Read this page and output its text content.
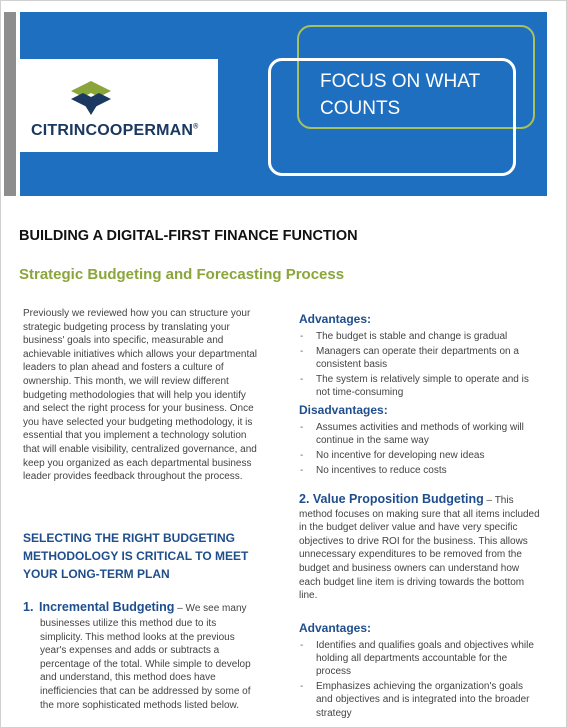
CITRINCOOPERMAN®
FOCUS ON WHAT COUNTS
BUILDING A DIGITAL-FIRST FINANCE FUNCTION
Strategic Budgeting and Forecasting Process

Previously we reviewed how you can structure your strategic budgeting process by translating your business' goals into specific, measurable and achievable initiatives which allows your departmental leaders to plan ahead and fosters a culture of ownership. This month, we will review different budgeting methodologies that will help you identify and select the right process for your business. Once you have selected your budgeting methodology, it is essential that you implement a technology solution that will enable visibility, centralized governance, and keep you organized as each departmental business leader provides feedback throughout the process.

SELECTING THE RIGHT BUDGETING METHODOLOGY IS CRITICAL TO MEET YOUR LONG-TERM PLAN
1. Incremental Budgeting – We see many

businesses utilize this method due to its simplicity. This method looks at the previous year's expenses and adds or subtracts a percentage of the total. While simple to develop and understand, this method does have inefficiencies that can be addressed by some of the more sophisticated methods listed below.

Advantages:
- The budget is stable and change is gradual
- Managers can operate their departments on a consistent basis
- The system is relatively simple to operate and is not time-consuming
Disadvantages:
- Assumes activities and methods of working will continue in the same way
- No incentive for developing new ideas
- No incentives to reduce costs
2. Value Proposition Budgeting – This method focuses on making sure that all items included in the budget deliver value and have very specific objectives to drive ROI for the business. This allows unnecessary expenditures to be removed from the budget and business owners can understand how each budget line item is driving towards the bottom line.
Advantages:
- Identifies and qualifies goals and objectives while holding all departments accountable for the process
- Emphasizes achieving the organization's goals and objectives and is integrated into the broader strategy
